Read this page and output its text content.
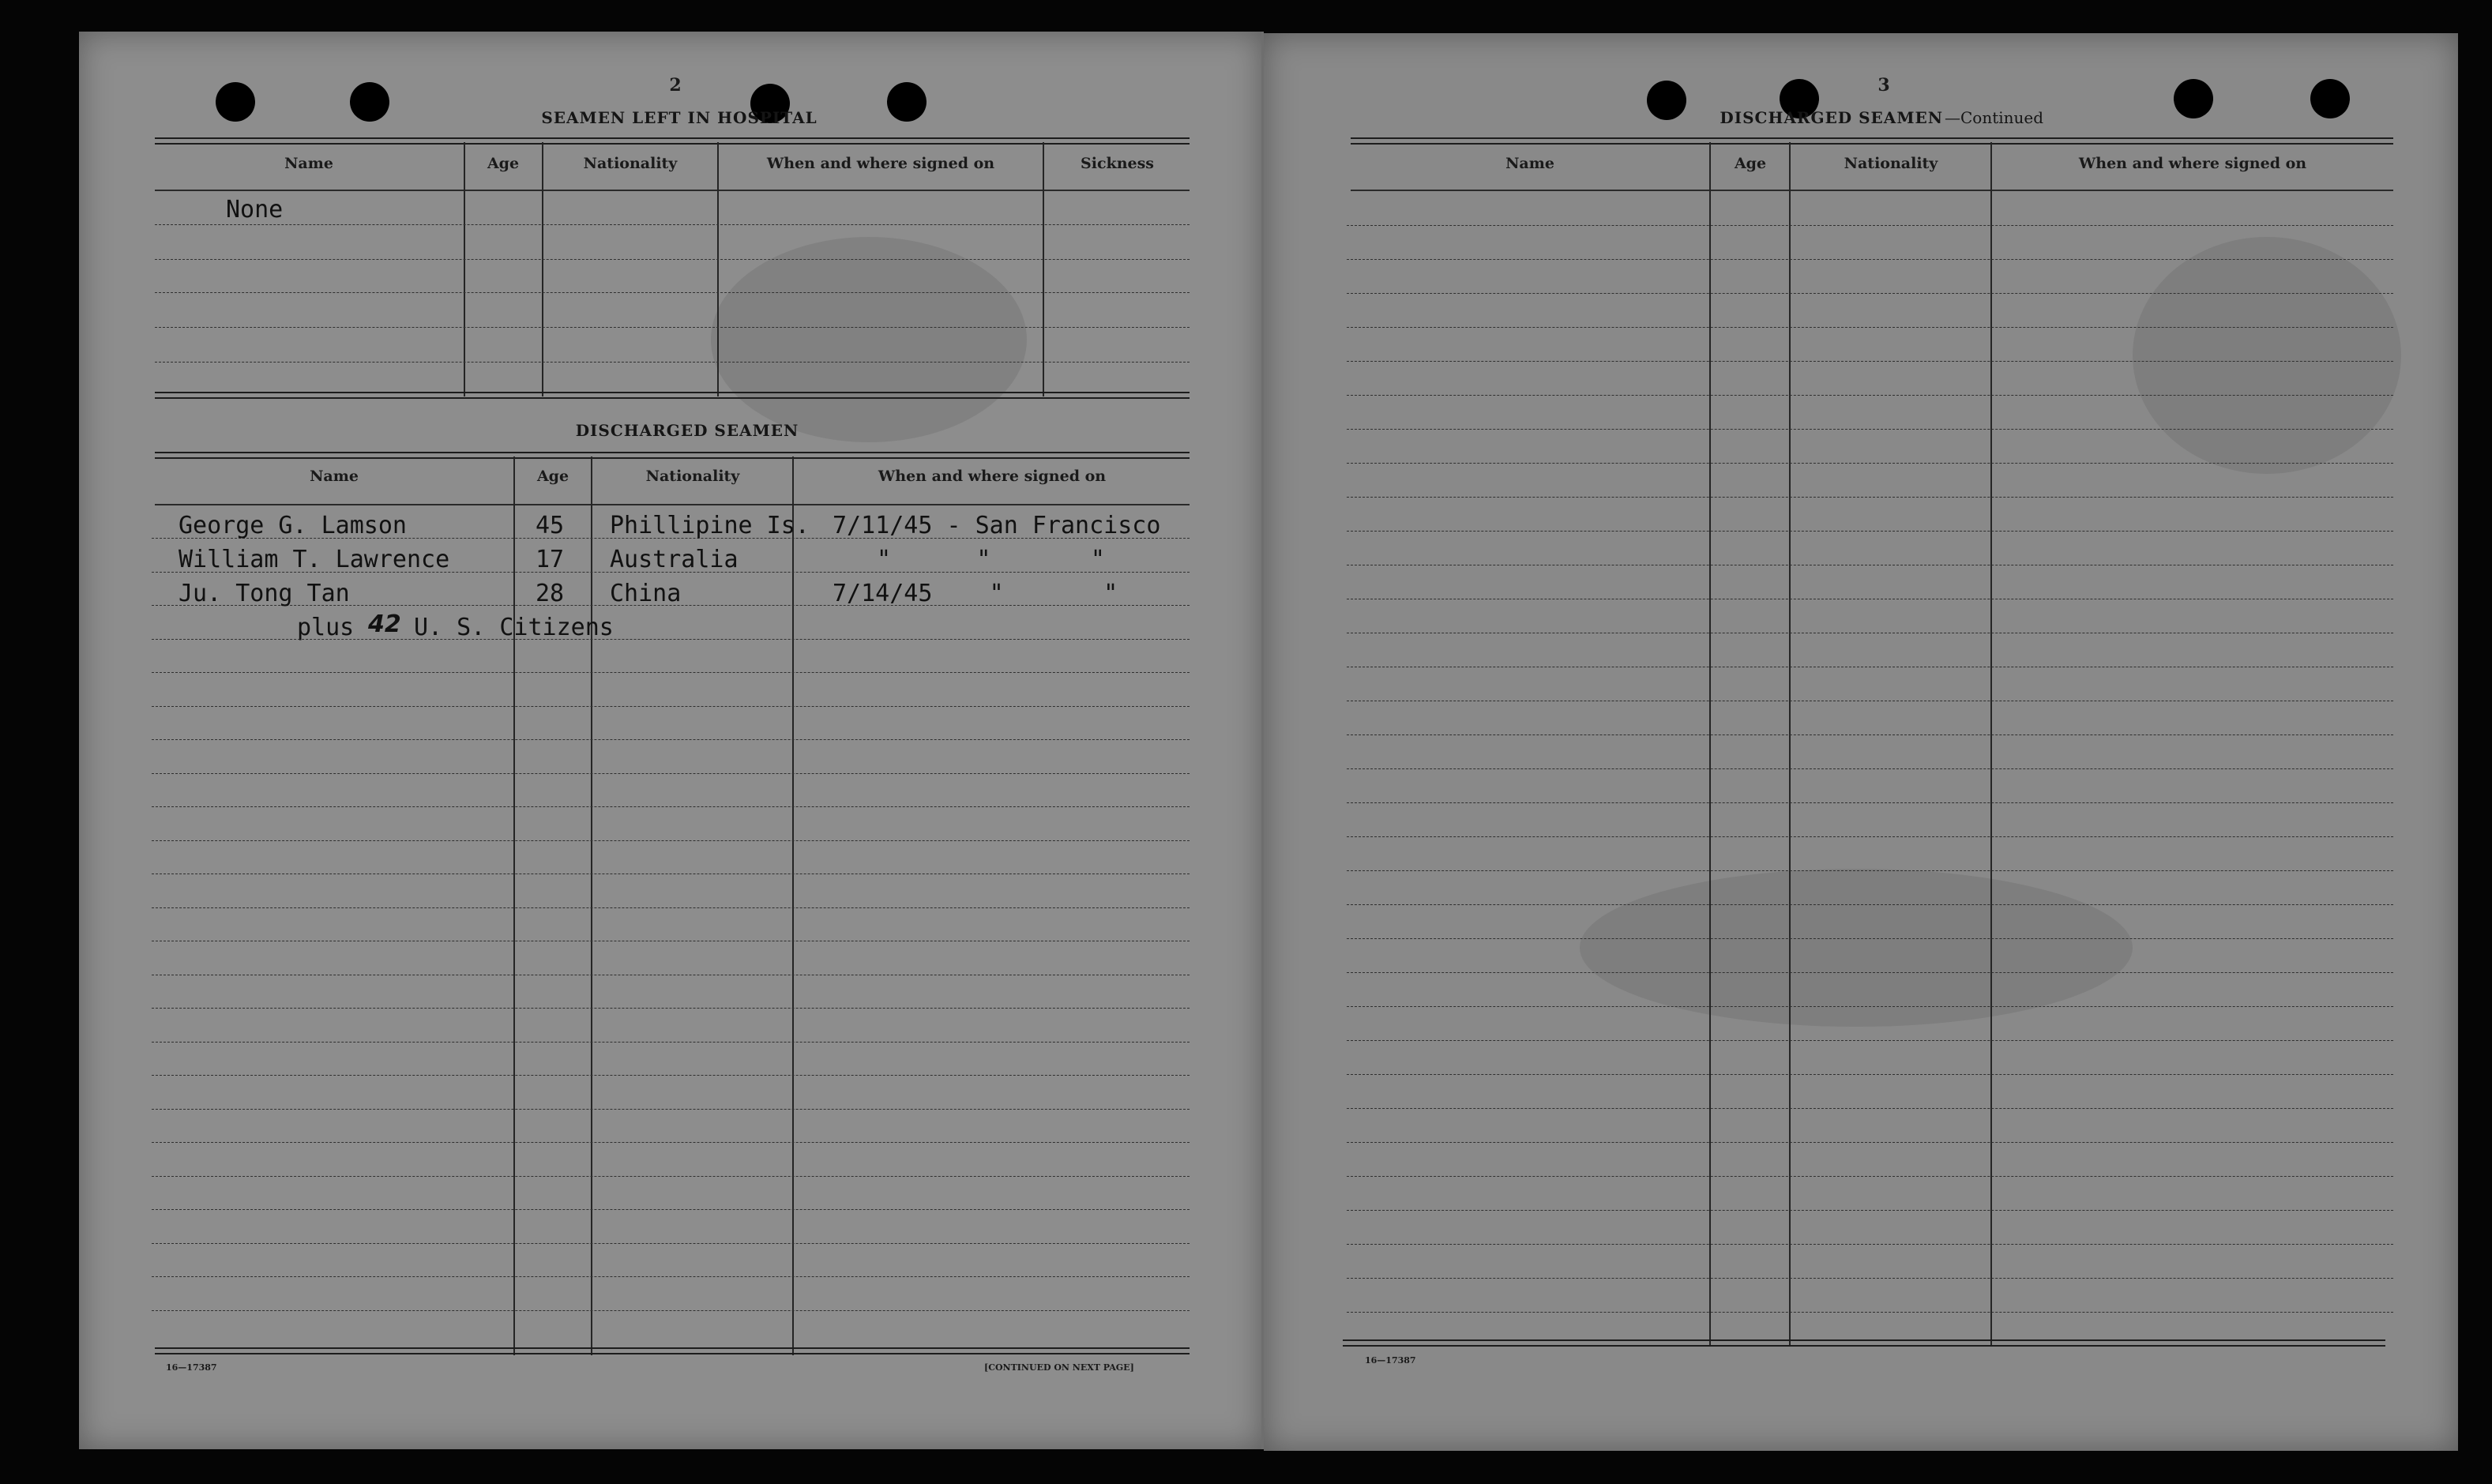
2
SEAMEN LEFT IN HOSPITAL
Name	Age	Nationality	When and where signed on	Sickness
None
DISCHARGED SEAMEN
Name	Age	Nationality	When and where signed on
George G. Lamson	45 Phillipine Is. 7/11/45 - San Francisco
William T. Lawrence	17 Australia	"      "       "
Ju. Tong Tan	28 China	7/14/45    "       "
plus 42 U. S. Citizens
16—17387	[CONTINUED ON NEXT PAGE]
3
DISCHARGED SEAMEN —Continued
Name	Age	Nationality	When and where signed on
16—17387
